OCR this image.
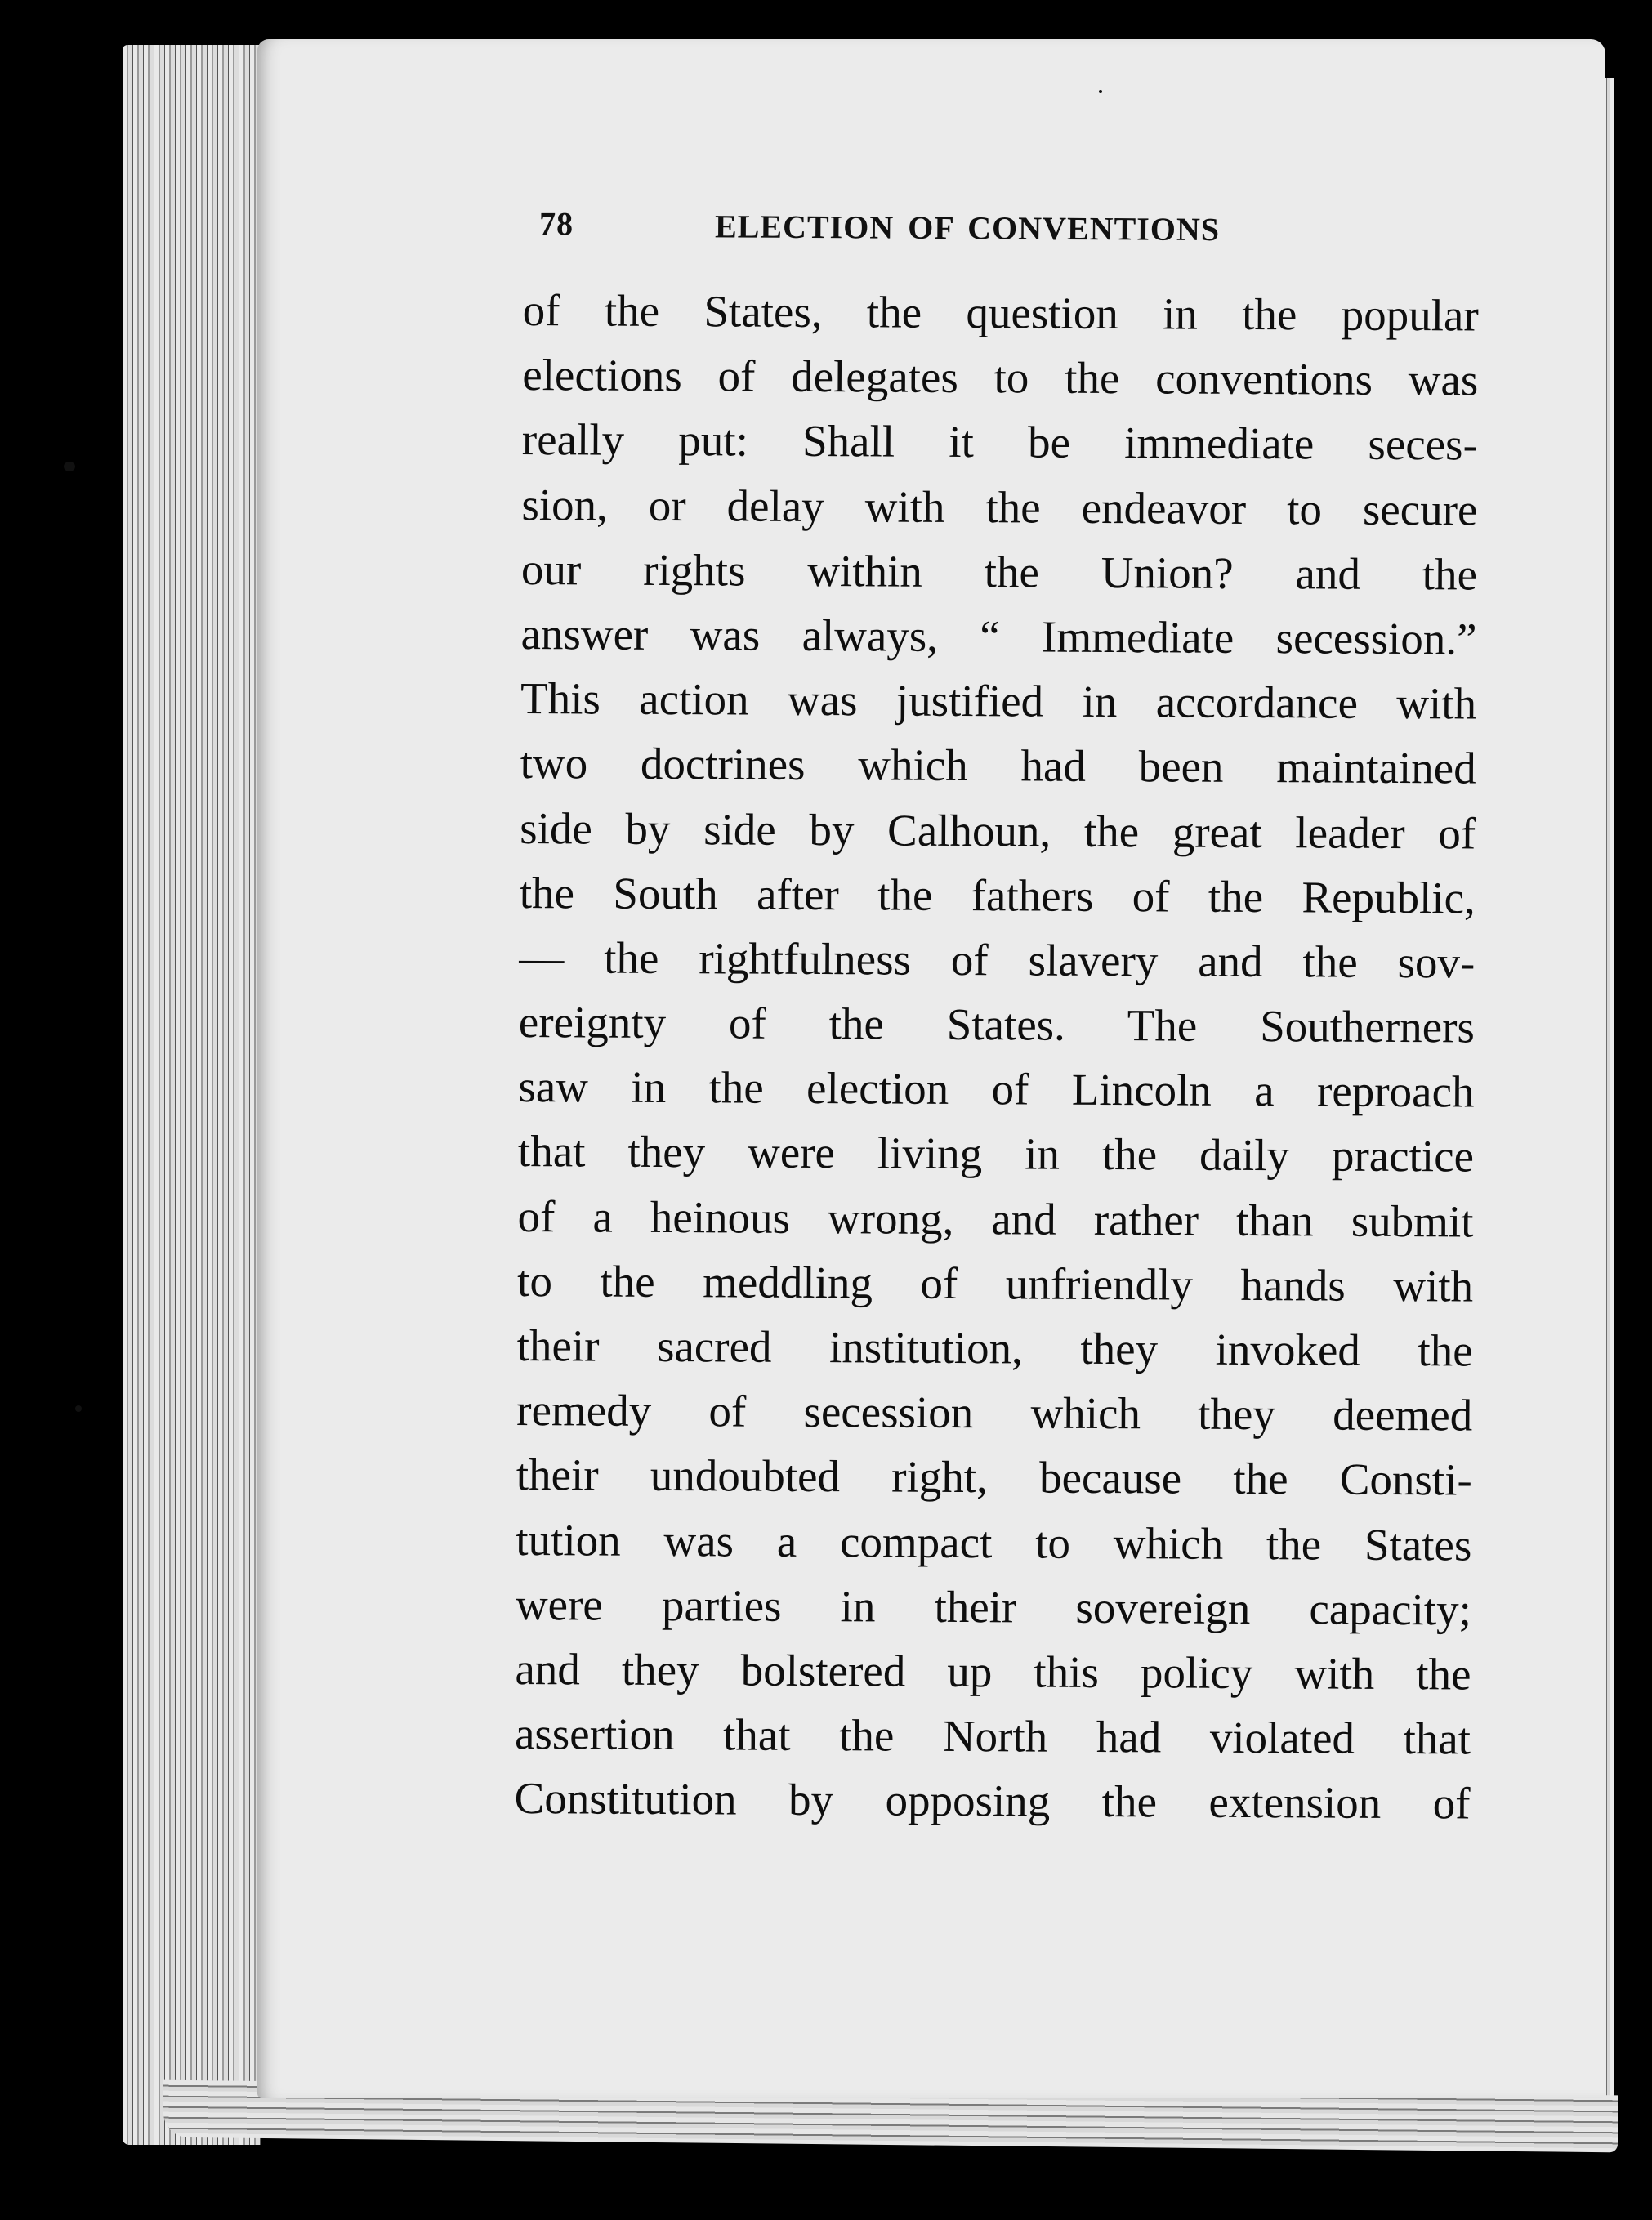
78	ELECTION OF CONVENTIONS
of the States, the question in the popular
elections of delegates to the conventions was
really put: Shall it be immediate seces-
sion, or delay with the endeavor to secure
our rights within the Union? and the
answer was always, “ Immediate secession.”
This action was justified in accordance with
two doctrines which had been maintained
side by side by Calhoun, the great leader of
the South after the fathers of the Republic,
— the rightfulness of slavery and the sov-
ereignty of the States. The Southerners
saw in the election of Lincoln a reproach
that they were living in the daily practice
of a heinous wrong, and rather than submit
to the meddling of unfriendly hands with
their sacred institution, they invoked the
remedy of secession which they deemed
their undoubted right, because the Consti-
tution was a compact to which the States
were parties in their sovereign capacity;
and they bolstered up this policy with the
assertion that the North had violated that
Constitution by opposing the extension of
